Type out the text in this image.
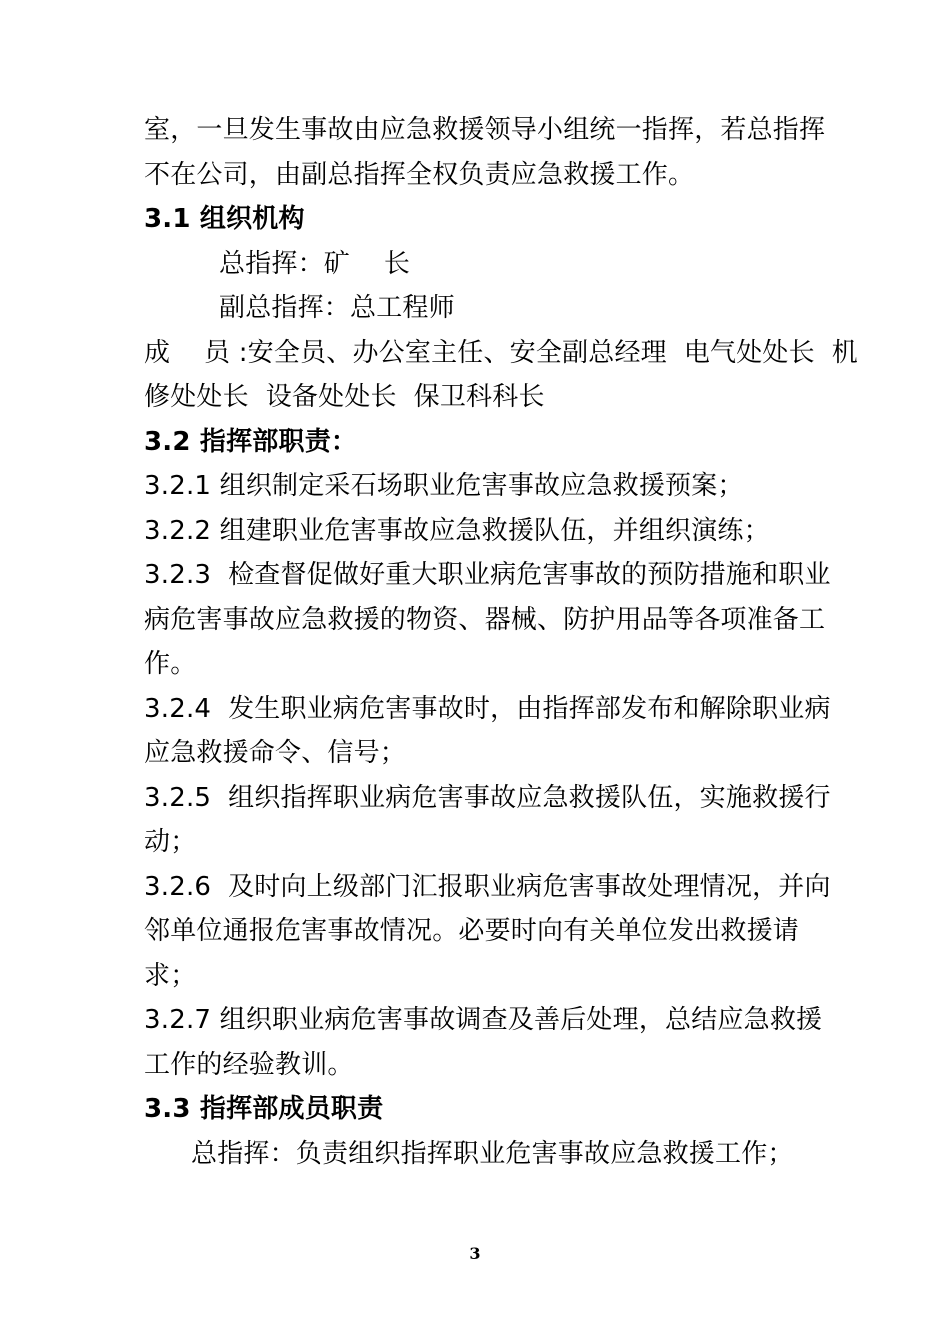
室，一旦发生事故由应急救援领导小组统一指挥，若总指挥
不在公司，由副总指挥全权负责应急救援工作。
3.1 组织机构
总指挥：矿    长
副总指挥：总工程师
成    员 :安全员、办公室主任、安全副总经理  电气处处长  机
修处处长  设备处处长  保卫科科长
3.2 指挥部职责：
3.2.1 组织制定采石场职业危害事故应急救援预案；
3.2.2 组建职业危害事故应急救援队伍，并组织演练；
3.2.3  检查督促做好重大职业病危害事故的预防措施和职业
病危害事故应急救援的物资、器械、防护用品等各项准备工
作。
3.2.4  发生职业病危害事故时，由指挥部发布和解除职业病
应急救援命令、信号；
3.2.5  组织指挥职业病危害事故应急救援队伍，实施救援行
动；
3.2.6  及时向上级部门汇报职业病危害事故处理情况，并向
邻单位通报危害事故情况。必要时向有关单位发出救援请
求；
3.2.7 组织职业病危害事故调查及善后处理，总结应急救援
工作的经验教训。
3.3 指挥部成员职责
总指挥：负责组织指挥职业危害事故应急救援工作；
3
